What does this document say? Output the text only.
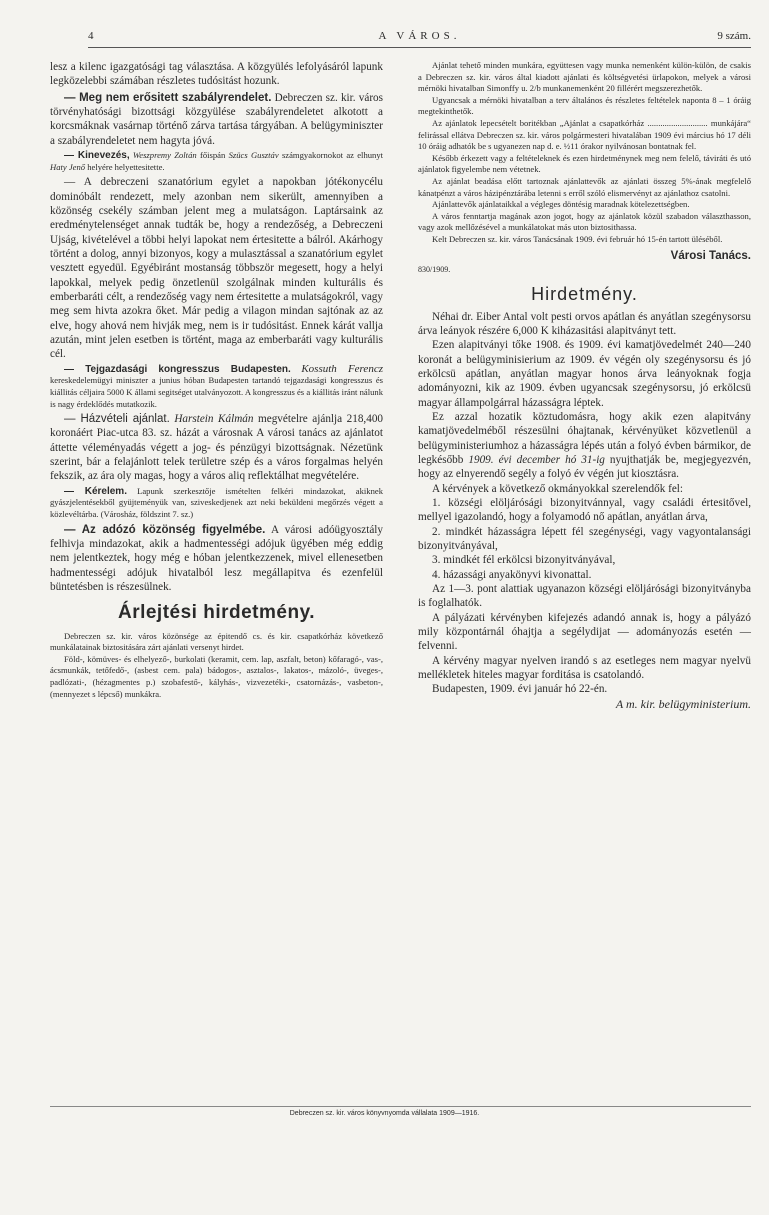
4	A VÁROS.	9 szám.

lesz a kilenc igazgatósági tag választása. A közgyülés lefolyásáról lapunk legközelebbi számában részletes tudósitást hozunk.

— Meg nem erősitett szabályrendelet. Debreczen sz. kir. város törvényhatósági bizottsági közgyülése szabályrendeletet alkotott a korcsmáknak vasárnap történő zárva tartása tárgyában. A belügyminiszter a szabályrendeletet nem hagyta jóvá.

— Kinevezés, Weszpremy Zoltán főispán Szücs Gusztáv számgyakornokot az elhunyt Haty Jenő helyére helyettesitette.

— A debreczeni szanatórium egylet a napokban jótékonycélu dominóbált rendezett, mely azonban nem sikerült, amennyiben a közönség csekély számban jelent meg a mulatságon. Laptársaink az eredménytelenséget annak tudták be, hogy a rendezőség, a Debreczeni Ujság, kivételével a többi helyi lapokat nem értesitette a bálról. Akárhogy történt a dolog, annyi bizonyos, kogy a mulasztással a szanatórium egylet vesztett egyedül. Egyébiránt mostanság többször megesett, hogy a helyi lapokkal, melyek pedig önzetlenül szolgálnak minden kulturális és emberbaráti célt, a rendezőség vagy nem értesitette a mulatságokról, vagy meg sem hivta azokra őket. Már pedig a vilagon mindan sajtónak az az elve, hogy ahová nem hivják meg, nem is ir tudósitást. Ennek kárát vallja azután, mint jelen esetben is történt, maga az emberbaráti vagy kulturális cél.

— Tejgazdasági kongresszus Budapesten. Kossuth Ferencz kereskedelemügyi miniszter a junius hóban Budapesten tartandó tejgazdasági kongresszus és kiállitás céljaira 5000 K állami segitséget utalványozott. A kongresszus és a kiállitás iránt nálunk is nagy érdeklődés mutatkozik.

— Házvételi ajánlat. Harstein Kálmán megvételre ajánlja 218,400 koronáért Piac-utca 83. sz. házát a városnak A városi tanács az ajánlatot áttette véleményadás végett a jog- és pénzügyi bizottságnak. Nézetünk szerint, bár a felajánlott telek területre szép és a város forgalmas helyén fekszik, az ára oly magas, hogy a város aliq reflektálhat megvételére.

— Kérelem. Lapunk szerkesztője ismételten felkéri mindazokat, akiknek gyászjelentésekből gyüjteményük van, sziveskedjenek azt neki beküldeni megőrzés végett a közlevéltárba. (Városház, földszint 7. sz.)

— Az adózó közönség figyelmébe. A városi adóügyosztály felhivja mindazokat, akik a hadmentességi adójuk ügyében még eddig nem jelentkeztek, hogy még e hóban jelentkezzenek, mivel ellenesetben hadmentességi adójuk hivatalból lesz megállapitva és ezenfelül büntetésben is részesülnek.

Árlejtési hirdetmény.

Debreczen sz. kir. város közönsége az épitendő cs. és kir. csapatkórház következő munkálatainak biztositására zárt ajánlati versenyt hirdet.

Föld-, kömüves- és elhelyező-, burkolati (keramit, cem. lap, aszfalt, beton) kőfaragó-, vas-, ácsmunkák, tetőfedő-, (asbest cem. pala) bádogos-, asztalos-, lakatos-, mázoló-, üveges-, padlózati-, (hézagmentes p.) szobafestő-, kályhás-, vizvezetéki-, csatornázás-, vasbeton-, (mennyezet s lépcső) munkákra.

Ajánlat tehető minden munkára, együttesen vagy munka nemenként külön-külön, de csakis a Debreczen sz. kir. város által kiadott ajánlati és költségvetési ürlapokon, melyek a városi mérnöki hivatalban Simonffy u. 2/b munkanemenként 20 fillérért megszerezhetők.

Ugyancsak a mérnöki hivatalban a terv általános és részletes feltételek naponta 8 – 1 óráig megtekinthetők.

Az ajánlatok lepecsételt boritékban „Ajánlat a csapatkórház ............................ munkájára“ felirással ellátva Debreczen sz. kir. város polgármesteri hivatalában 1909 évi március hó 17 déli 10 óráig adhatók be s ugyanezen nap d. e. ½11 órakor nyilvánosan bontatnak fel.

Később érkezett vagy a feltételeknek és ezen hirdetménynek meg nem felelő, táviráti és utó ajánlatok figyelembe nem vétetnek.

Az ajánlat beadása előtt tartoznak ajánlattevők az ajánlati összeg 5%-ának megfelelő kánatpénzt a város házipénztárába letenni s erről szóló elismervényt az ajánlathoz csatolni.

Ajánlattevők ajánlataikkal a végleges döntésig maradnak kötelezettségben.

A város fenntartja magának azon jogot, hogy az ajánlatok közül szabadon választhasson, vagy azok mellőzésével a munkálatokat más uton biztosithassa.

Kelt Debreczen sz. kir. város Tanácsának 1909. évi február hó 15-én tartott üléséből.

Városi Tanács.

830/1909.

Hirdetmény.

Néhai dr. Eiber Antal volt pesti orvos apátlan és anyátlan szegénysorsu árva leányok részére 6,000 K kiházasitási alapitványt tett.

Ezen alapitványi tőke 1908. és 1909. évi kamatjövedelmét 240—240 koronát a belügyminisierium az 1909. év végén oly szegénysorsu és jó erkölcsü apátlan, anyátlan magyar honos árva leányoknak fogja adományozni, kik az 1909. évben ugyancsak szegénysorsu, jó erkölcsü magyar állampolgárral házasságra léptek.

Ez azzal hozatik köztudomásra, hogy akik ezen alapitvány kamatjövedelméből részesülni óhajtanak, kérvényüket közvetlenül a belügyministeriumhoz a házasságra lépés után a folyó évben bármikor, de legkésőbb 1909. évi december hó 31-ig nyujthatják be, megjegyezvén, hogy az elnyerendő segély a folyó év végén jut kiosztásra.

A kérvények a következő okmányokkal szerelendők fel:

1. községi elöljárósági bizonyitvánnyal, vagy családi értesitővel, mellyel igazolandó, hogy a folyamodó nő apátlan, anyátlan árva,

2. mindkét házasságra lépett fél szegénységi, vagy vagyontalansági bizonyitványával,

3. mindkét fél erkölcsi bizonyitványával,

4. házassági anyakönyvi kivonattal.

Az 1—3. pont alattiak ugyanazon községi elöljárósági bizonyitványba is foglalhatók.

A pályázati kérvényben kifejezés adandó annak is, hogy a pályázó mily központárnál óhajtja a segélydijat — adományozás esetén — felvenni.

A kérvény magyar nyelven irandó s az esetleges nem magyar nyelvü mellékletek hiteles magyar forditása is csatolandó.

Budapesten, 1909. évi január hó 22-én.

A m. kir. belügyministerium.
Debreczen sz. kir. város könyvnyomda vállalata 1909—1916.
